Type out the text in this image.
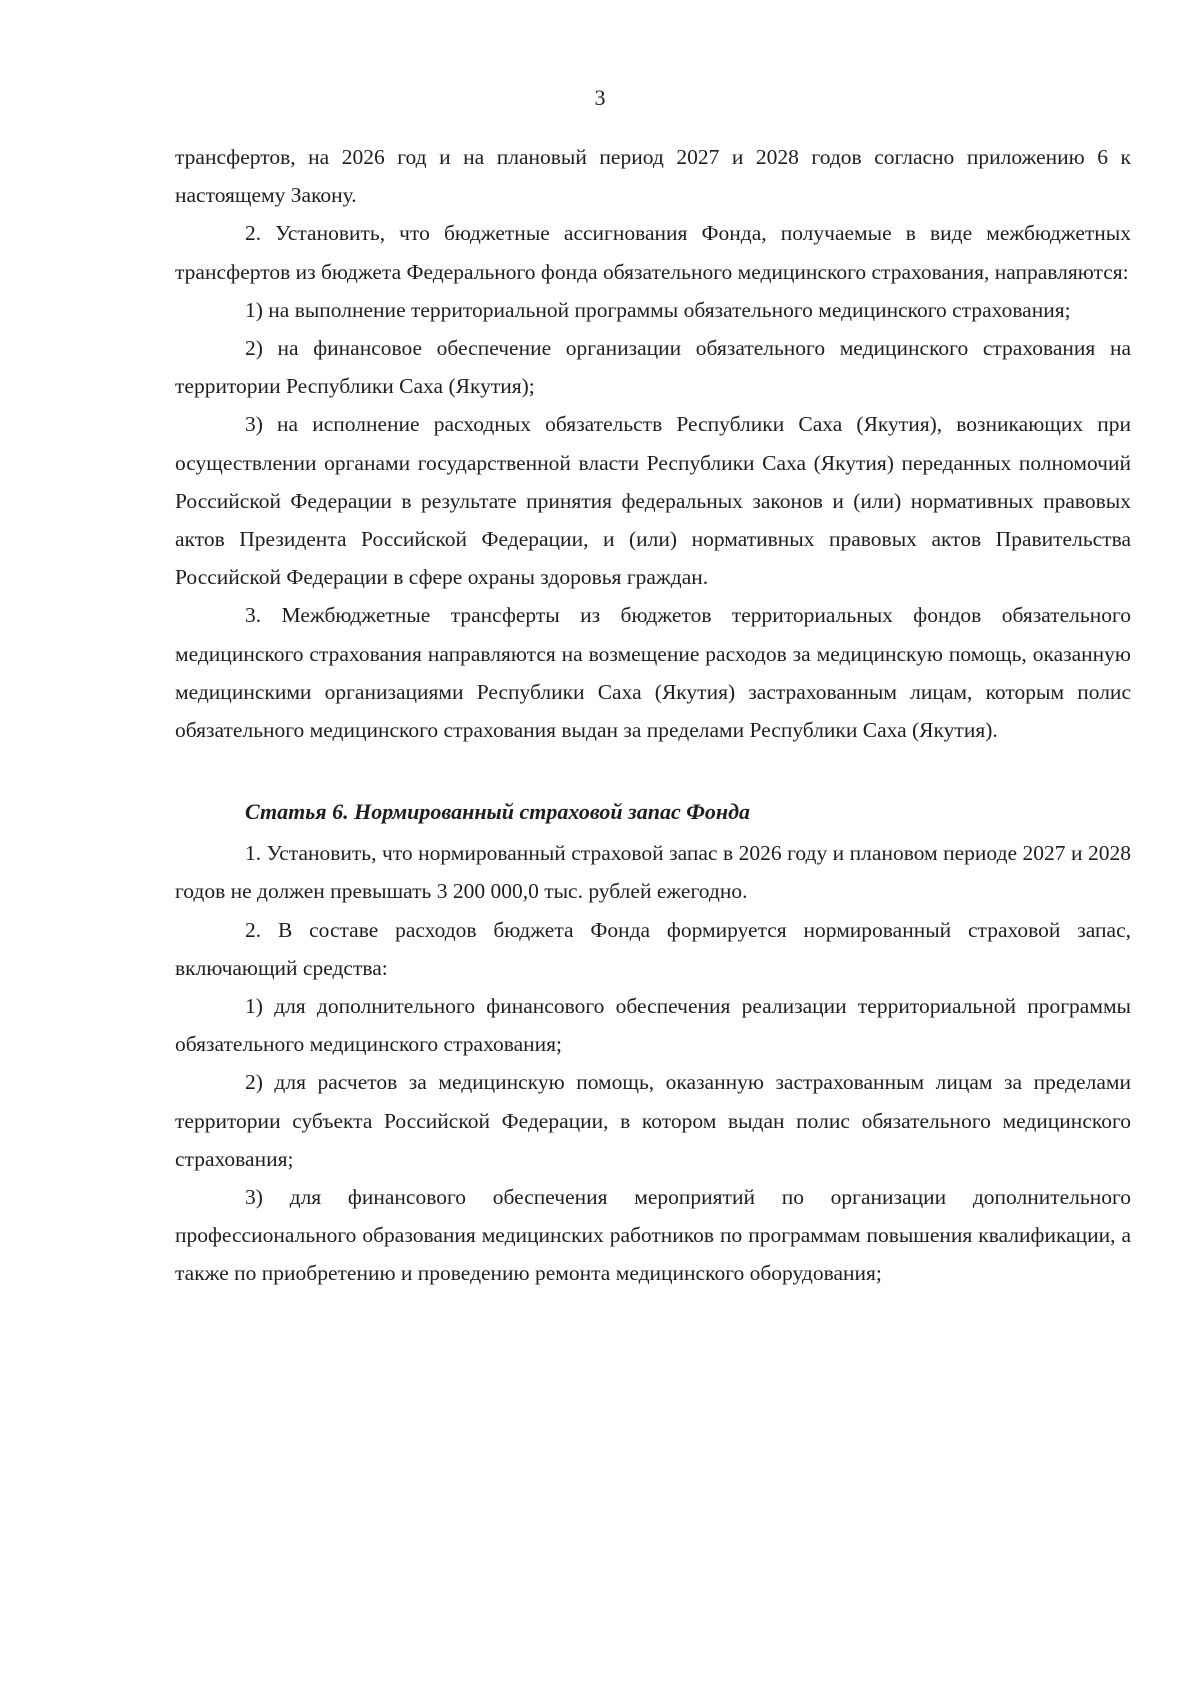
3

трансфертов, на 2026 год и на плановый период 2027 и 2028 годов согласно приложению 6 к настоящему Закону.

2. Установить, что бюджетные ассигнования Фонда, получаемые в виде межбюджетных трансфертов из бюджета Федерального фонда обязательного медицинского страхования, направляются:

1) на выполнение территориальной программы обязательного медицинского страхования;

2) на финансовое обеспечение организации обязательного медицинского страхования на территории Республики Саха (Якутия);

3) на исполнение расходных обязательств Республики Саха (Якутия), возникающих при осуществлении органами государственной власти Республики Саха (Якутия) переданных полномочий Российской Федерации в результате принятия федеральных законов и (или) нормативных правовых актов Президента Российской Федерации, и (или) нормативных правовых актов Правительства Российской Федерации в сфере охраны здоровья граждан.

3. Межбюджетные трансферты из бюджетов территориальных фондов обязательного медицинского страхования направляются на возмещение расходов за медицинскую помощь, оказанную медицинскими организациями Республики Саха (Якутия) застрахованным лицам, которым полис обязательного медицинского страхования выдан за пределами Республики Саха (Якутия).

Статья 6. Нормированный страховой запас Фонда

1. Установить, что нормированный страховой запас в 2026 году и плановом периоде 2027 и 2028 годов не должен превышать 3 200 000,0 тыс. рублей ежегодно.

2. В составе расходов бюджета Фонда формируется нормированный страховой запас, включающий средства:

1) для дополнительного финансового обеспечения реализации территориальной программы обязательного медицинского страхования;

2) для расчетов за медицинскую помощь, оказанную застрахованным лицам за пределами территории субъекта Российской Федерации, в котором выдан полис обязательного медицинского страхования;

3) для финансового обеспечения мероприятий по организации дополнительного профессионального образования медицинских работников по программам повышения квалификации, а также по приобретению и проведению ремонта медицинского оборудования;
